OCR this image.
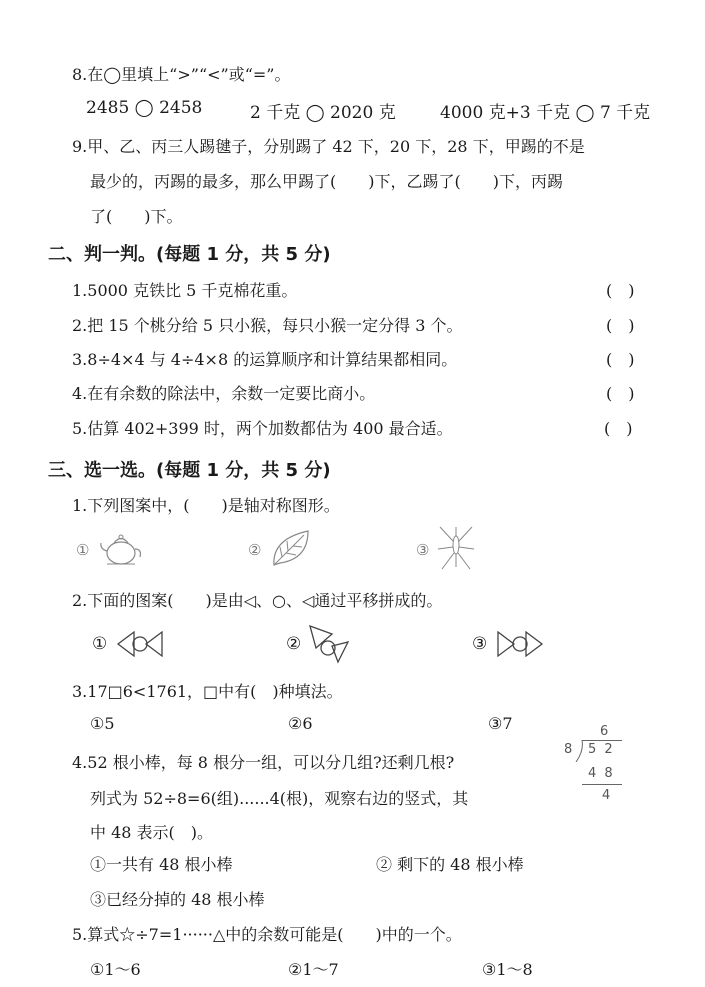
8.在◯里填上“>”“<”或“=”。
2485 ◯ 2458	2 千克 ◯ 2020 克	4000 克+3 千克 ◯ 7 千克
9.甲、乙、丙三人踢毽子，分别踢了 42 下，20 下，28 下，甲踢的不是
最少的，丙踢的最多，那么甲踢了(　　)下，乙踢了(　　)下，丙踢
了(　　)下。
二、判一判。(每题 1 分，共 5 分)
1.5000 克铁比 5 千克棉花重。	(　)
2.把 15 个桃分给 5 只小猴，每只小猴一定分得 3 个。	(　)
3.8÷4×4 与 4÷4×8 的运算顺序和计算结果都相同。	(　)
4.在有余数的除法中，余数一定要比商小。	(　)
5.估算 402+399 时，两个加数都估为 400 最合适。	(　)
三、选一选。(每题 1 分，共 5 分)
1.下列图案中，(　　)是轴对称图形。
①	②	③
2.下面的图案(　　)是由◁、○、◁通过平移拼成的。
①	②	③
3.17□6<1761，□中有(　)种填法。
①5	②6	③7
4.52 根小棒，每 8 根分一组，可以分几组?还剩几根?
列式为 52÷8=6(组)......4(根)，观察右边的竖式，其
中 48 表示(　)。
6
8 5 2
4 8
4
①一共有 48 根小棒	② 剩下的 48 根小棒
③已经分掉的 48 根小棒
5.算式☆÷7=1······△中的余数可能是(　　)中的一个。
①1～6	②1～7	③1～8
